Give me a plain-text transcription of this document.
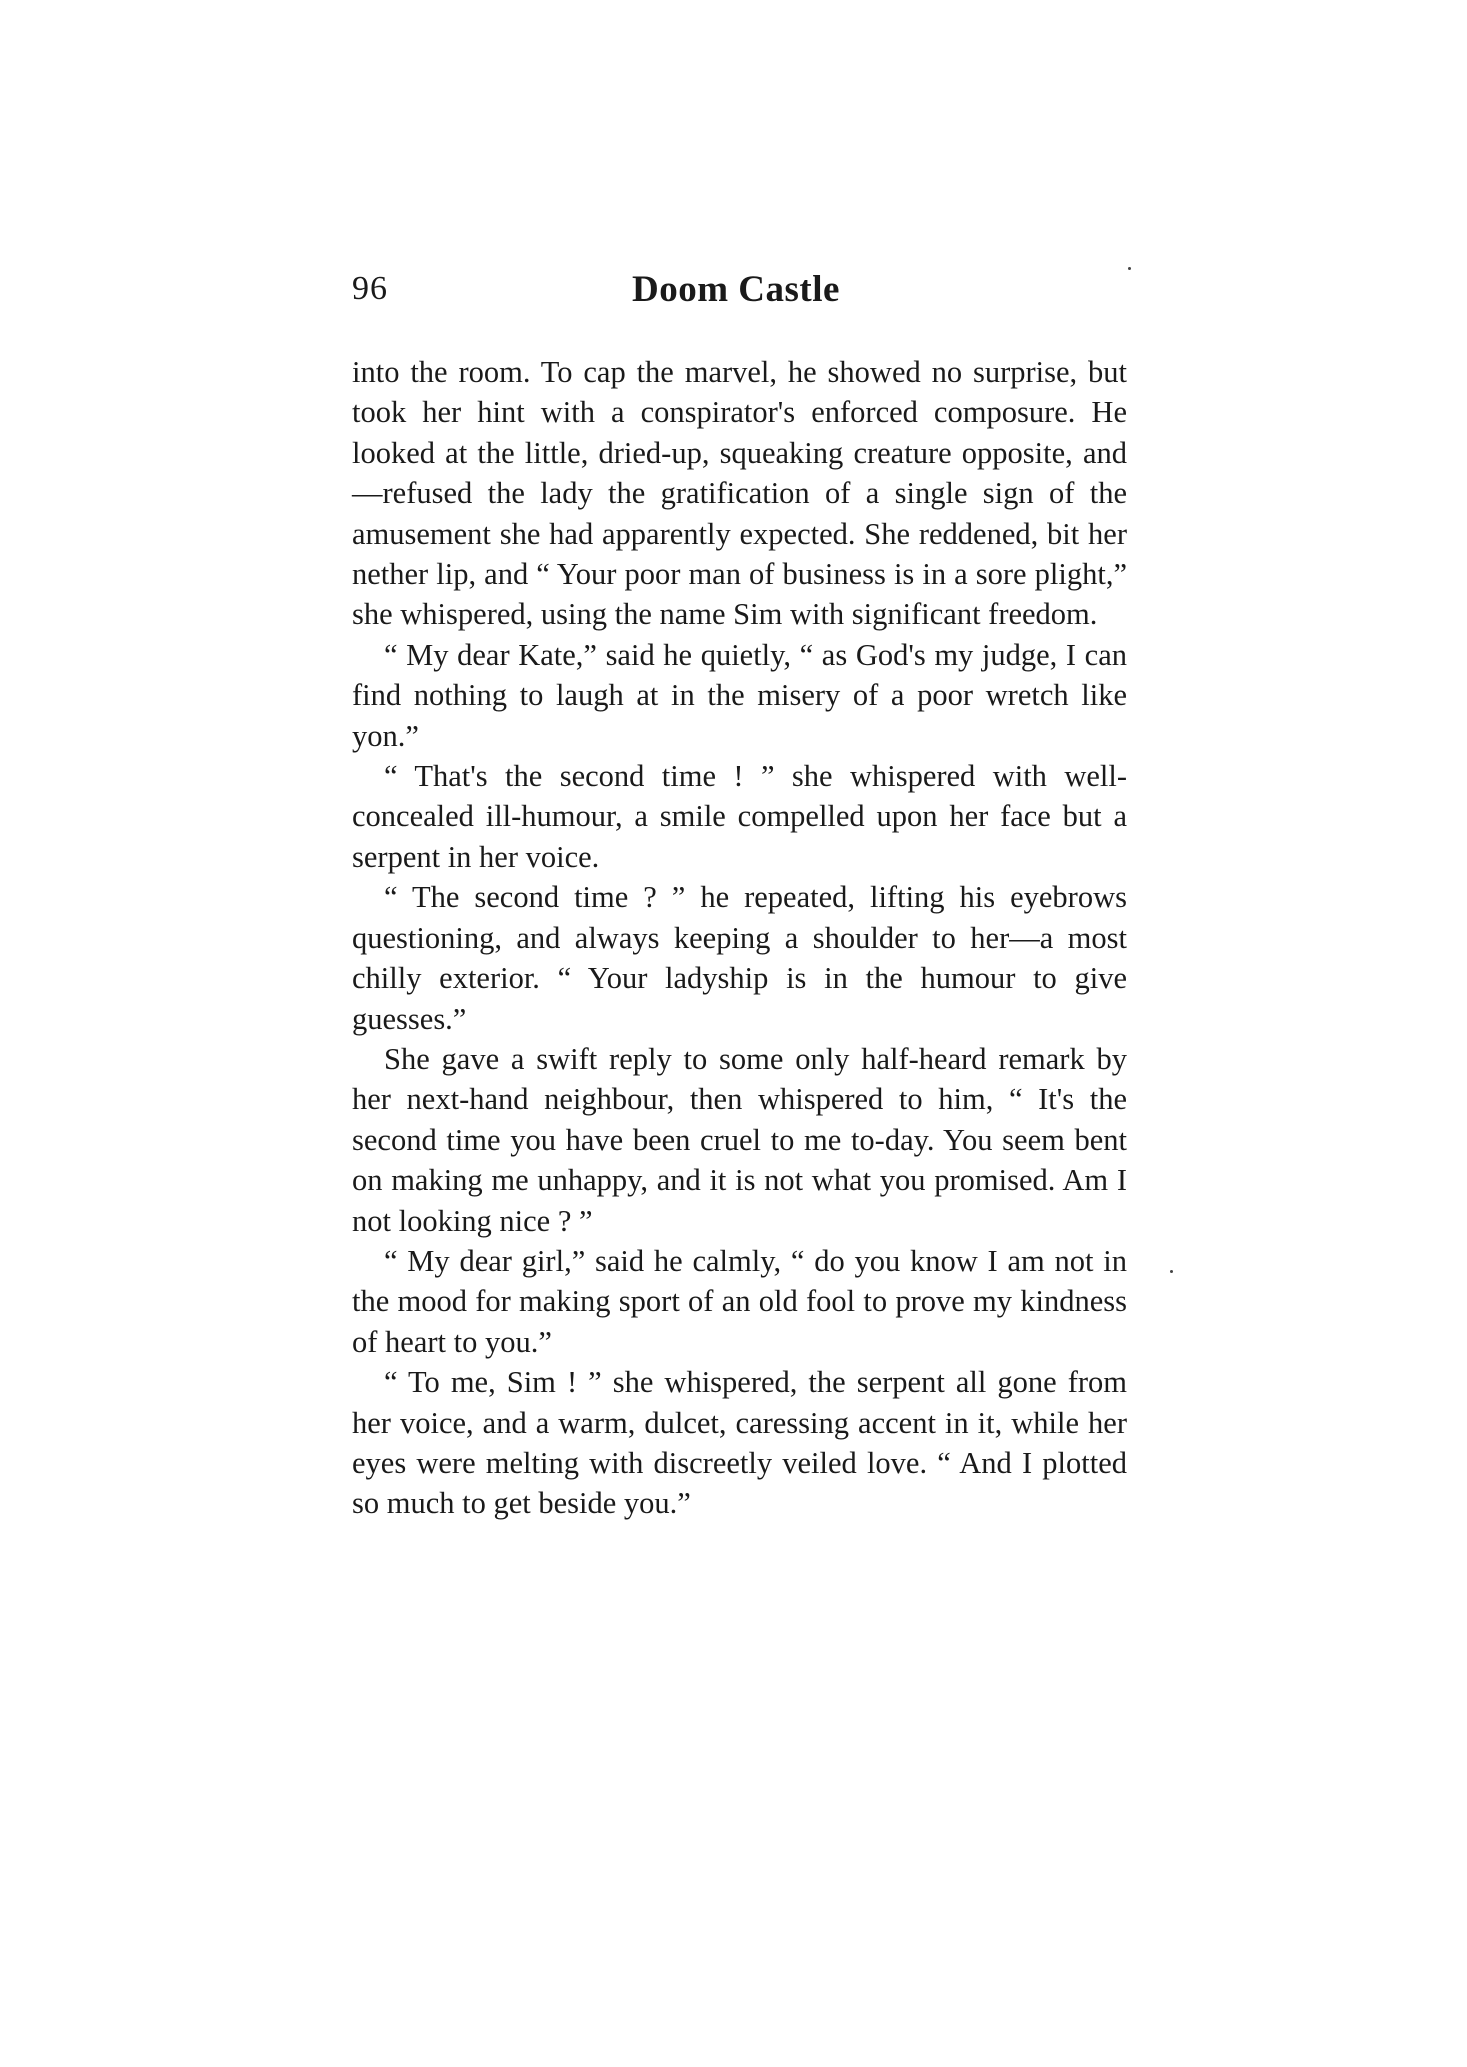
96	Doom Castle

into the room. To cap the marvel, he showed no surprise, but took her hint with a conspirator's enforced composure. He looked at the little, dried-up, squeaking creature opposite, and—refused the lady the gratification of a single sign of the amusement she had apparently expected. She reddened, bit her nether lip, and “ Your poor man of business is in a sore plight,” she whispered, using the name Sim with significant freedom.

“ My dear Kate,” said he quietly, “ as God's my judge, I can find nothing to laugh at in the misery of a poor wretch like yon.”

“ That's the second time ! ” she whispered with well-concealed ill-humour, a smile compelled upon her face but a serpent in her voice.

“ The second time ? ” he repeated, lifting his eyebrows questioning, and always keeping a shoulder to her—a most chilly exterior. “ Your ladyship is in the humour to give guesses.”

She gave a swift reply to some only half-heard remark by her next-hand neighbour, then whispered to him, “ It's the second time you have been cruel to me to-day. You seem bent on making me unhappy, and it is not what you promised. Am I not looking nice ? ”

“ My dear girl,” said he calmly, “ do you know I am not in the mood for making sport of an old fool to prove my kindness of heart to you.”

“ To me, Sim ! ” she whispered, the serpent all gone from her voice, and a warm, dulcet, caressing accent in it, while her eyes were melting with discreetly veiled love. “ And I plotted so much to get beside you.”
